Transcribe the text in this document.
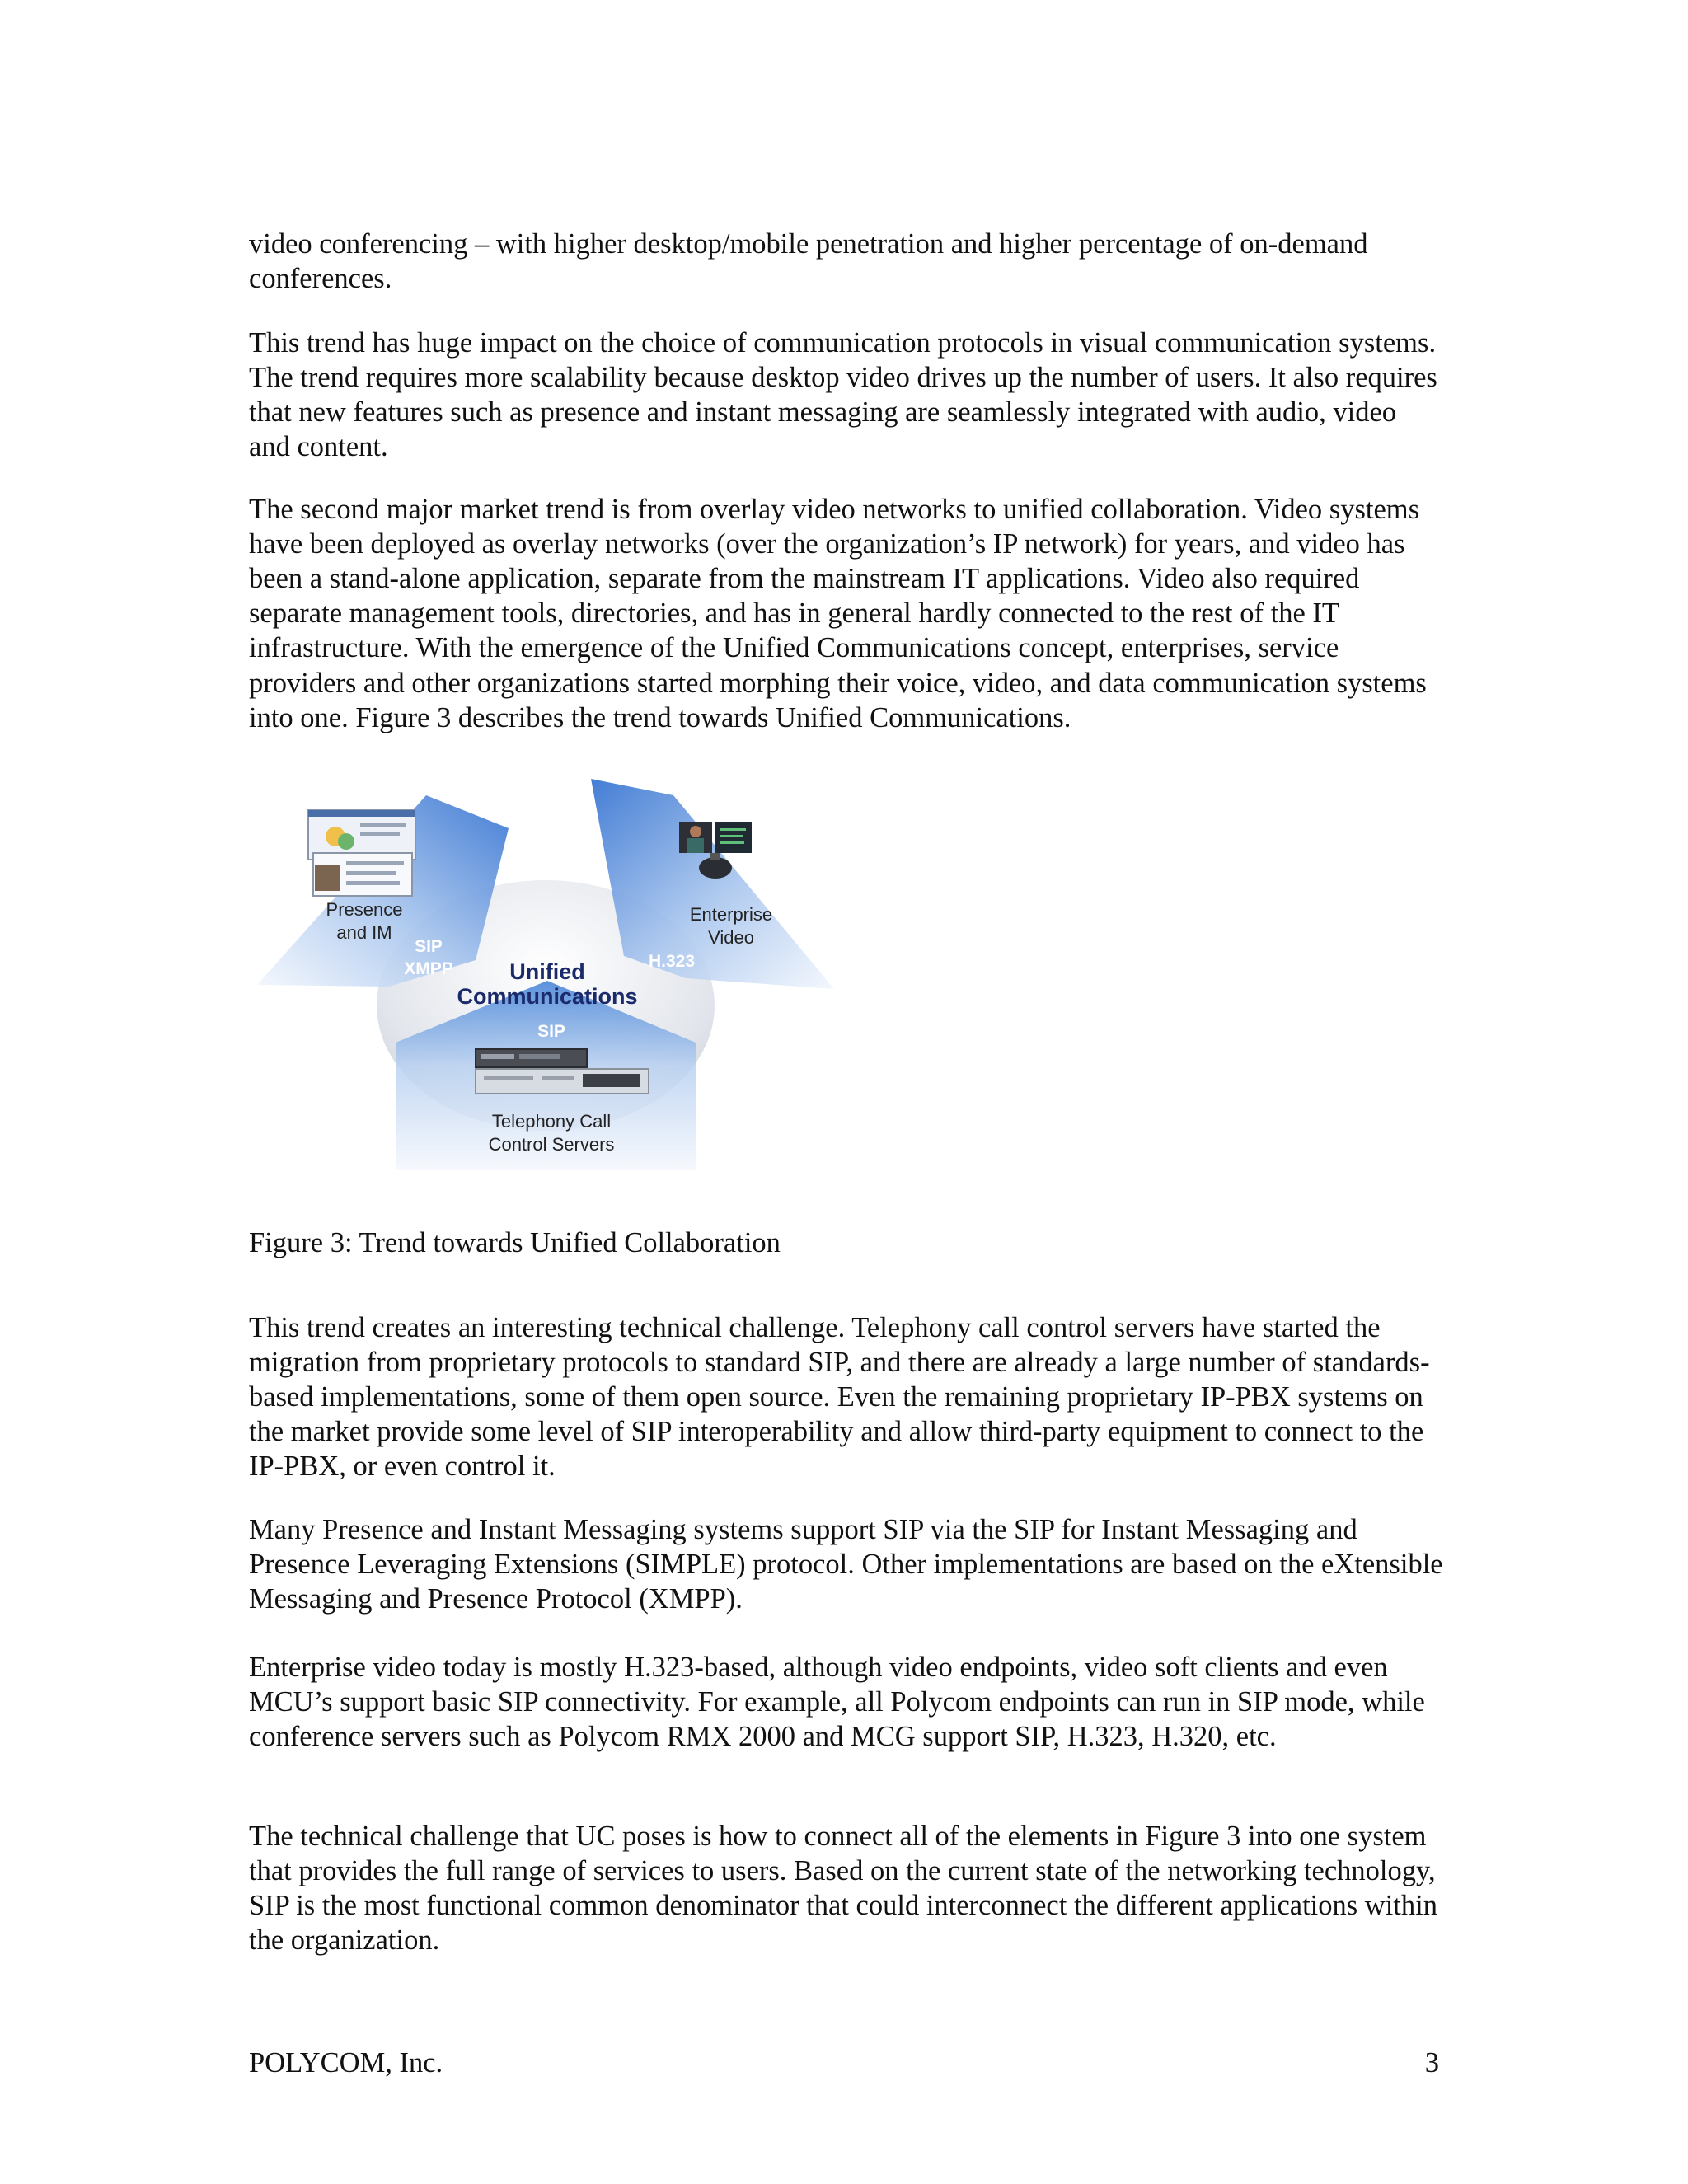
video conferencing – with higher desktop/mobile penetration and higher percentage of on-demand conferences.

This trend has huge impact on the choice of communication protocols in visual communication systems. The trend requires more scalability because desktop video drives up the number of users. It also requires that new features such as presence and instant messaging are seamlessly integrated with audio, video and content.

The second major market trend is from overlay video networks to unified collaboration. Video systems have been deployed as overlay networks (over the organization’s IP network) for years, and video has been a stand-alone application, separate from the mainstream IT applications. Video also required separate management tools, directories, and has in general hardly connected to the rest of the IT infrastructure. With the emergence of the Unified Communications concept, enterprises, service providers and other organizations started morphing their voice, video, and data communication systems into one. Figure 3 describes the trend towards Unified Communications.

Presence
and IM
SIP
XMPP
Enterprise
Video
H.323
Unified
Communications
SIP
Telephony Call
Control Servers

Figure 3: Trend towards Unified Collaboration

This trend creates an interesting technical challenge. Telephony call control servers have started the migration from proprietary protocols to standard SIP, and there are already a large number of standards-based implementations, some of them open source. Even the remaining proprietary IP-PBX systems on the market provide some level of SIP interoperability and allow third-party equipment to connect to the IP-PBX, or even control it.

Many Presence and Instant Messaging systems support SIP via the SIP for Instant Messaging and Presence Leveraging Extensions (SIMPLE) protocol. Other implementations are based on the eXtensible Messaging and Presence Protocol (XMPP).

Enterprise video today is mostly H.323-based, although video endpoints, video soft clients and even MCU’s support basic SIP connectivity. For example, all Polycom endpoints can run in SIP mode, while conference servers such as Polycom RMX 2000 and MCG support SIP, H.323, H.320, etc.

The technical challenge that UC poses is how to connect all of the elements in Figure 3 into one system that provides the full range of services to users. Based on the current state of the networking technology, SIP is the most functional common denominator that could interconnect the different applications within the organization.

POLYCOM, Inc.	3
